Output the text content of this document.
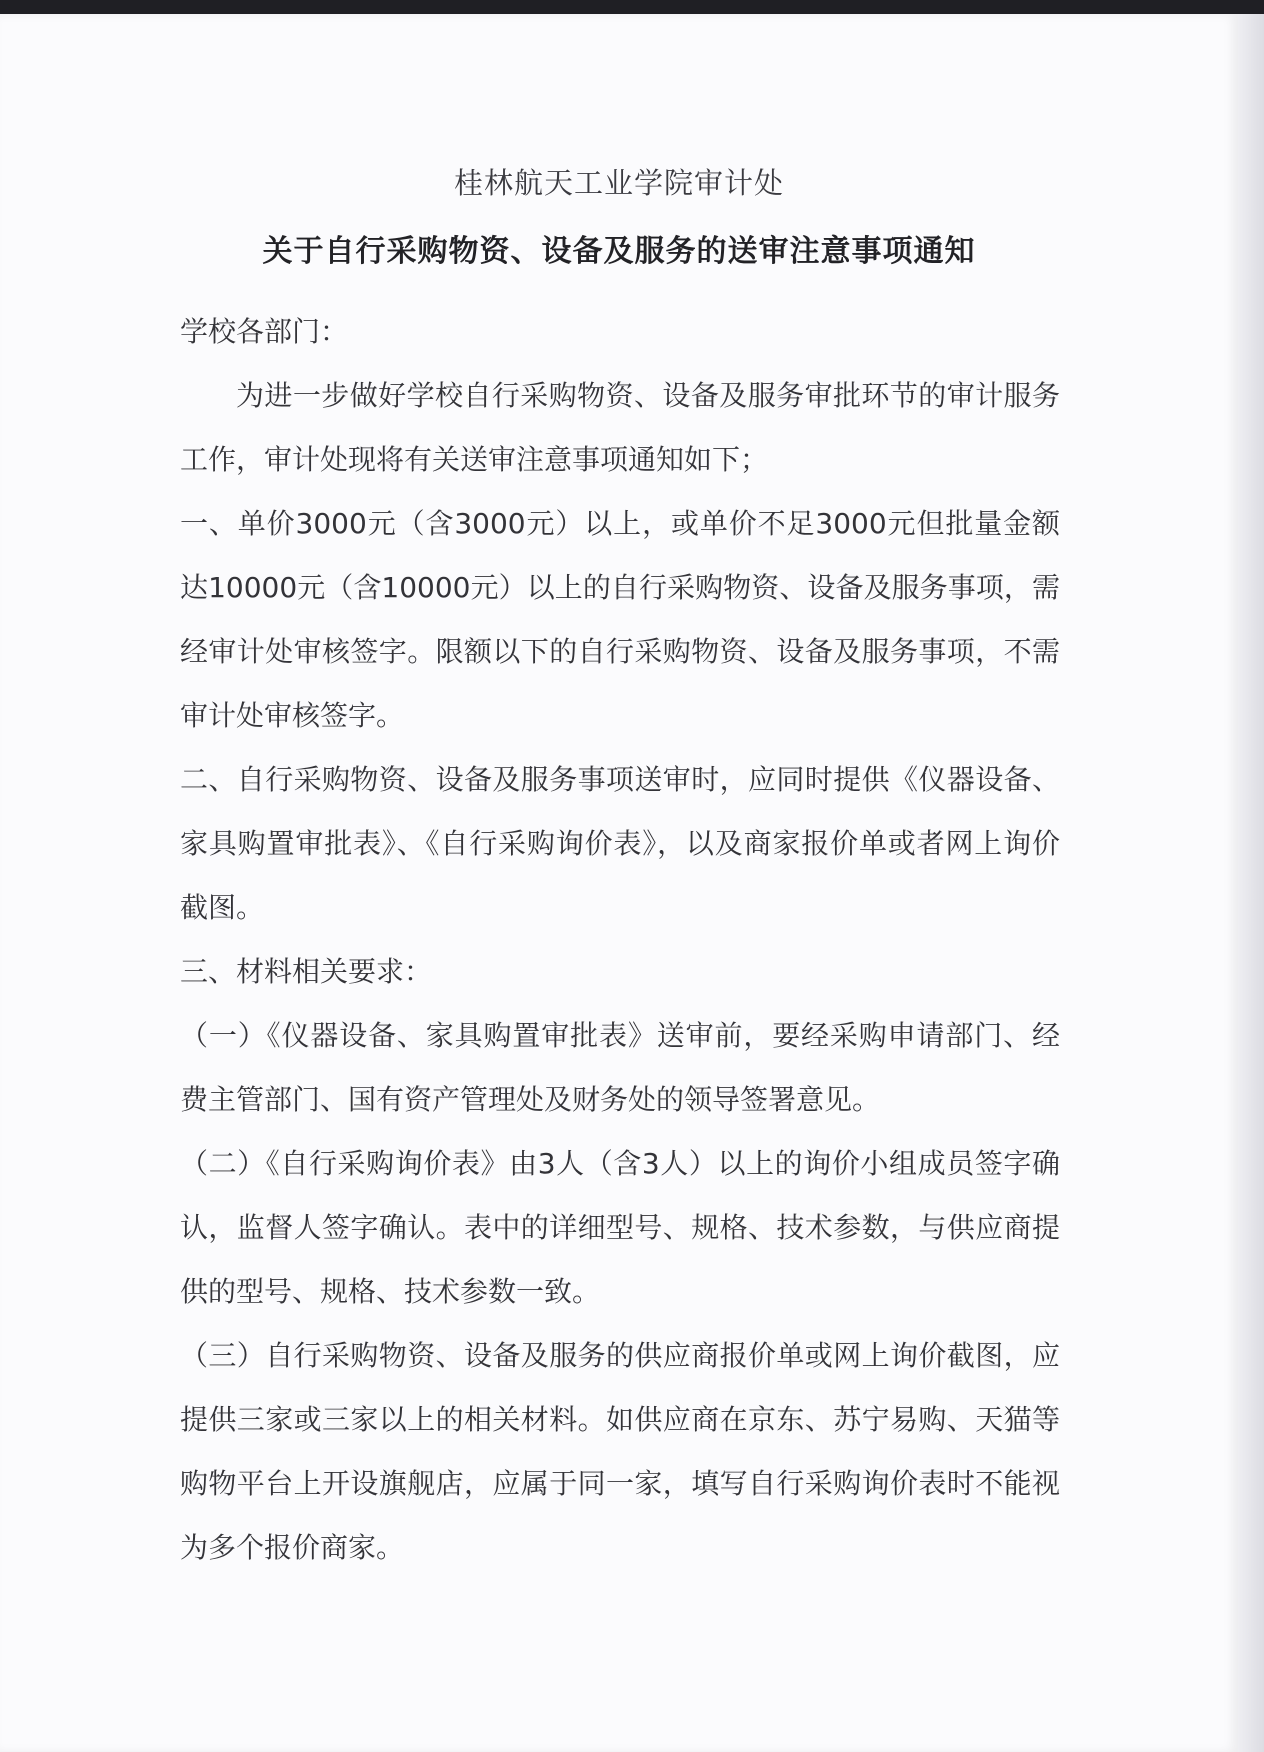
桂林航天工业学院审计处
关于自行采购物资、设备及服务的送审注意事项通知

学校各部门：

为进一步做好学校自行采购物资、设备及服务审批环节的审计服务工作，审计处现将有关送审注意事项通知如下；

一、单价3000元（含3000元）以上，或单价不足3000元但批量金额达10000元（含10000元）以上的自行采购物资、设备及服务事项，需经审计处审核签字。限额以下的自行采购物资、设备及服务事项，不需审计处审核签字。

二、自行采购物资、设备及服务事项送审时，应同时提供《仪器设备、家具购置审批表》、《自行采购询价表》，以及商家报价单或者网上询价截图。

三、材料相关要求：

（一）《仪器设备、家具购置审批表》送审前，要经采购申请部门、经费主管部门、国有资产管理处及财务处的领导签署意见。

（二）《自行采购询价表》由3人（含3人）以上的询价小组成员签字确认，监督人签字确认。表中的详细型号、规格、技术参数，与供应商提供的型号、规格、技术参数一致。

（三）自行采购物资、设备及服务的供应商报价单或网上询价截图，应提供三家或三家以上的相关材料。如供应商在京东、苏宁易购、天猫等购物平台上开设旗舰店，应属于同一家，填写自行采购询价表时不能视为多个报价商家。
